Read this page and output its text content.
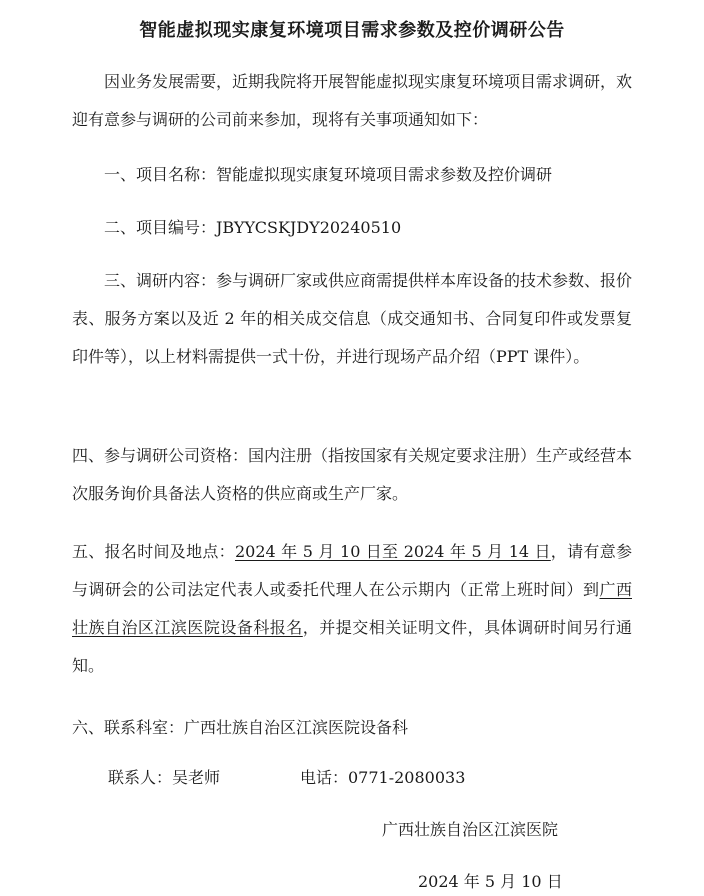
智能虚拟现实康复环境项目需求参数及控价调研公告
因业务发展需要，近期我院将开展智能虚拟现实康复环境项目需求调研，欢迎有意参与调研的公司前来参加，现将有关事项通知如下：
一、项目名称：智能虚拟现实康复环境项目需求参数及控价调研
二、项目编号：JBYYCSKJDY20240510
三、调研内容：参与调研厂家或供应商需提供样本库设备的技术参数、报价表、服务方案以及近 2 年的相关成交信息（成交通知书、合同复印件或发票复印件等），以上材料需提供一式十份，并进行现场产品介绍（PPT 课件）。
四、参与调研公司资格：国内注册（指按国家有关规定要求注册）生产或经营本次服务询价具备法人资格的供应商或生产厂家。
五、报名时间及地点：2024 年 5 月 10 日至 2024 年 5 月 14 日，请有意参与调研会的公司法定代表人或委托代理人在公示期内（正常上班时间）到广西壮族自治区江滨医院设备科报名，并提交相关证明文件，具体调研时间另行通知。
六、联系科室：广西壮族自治区江滨医院设备科
联系人：吴老师	电话：0771-2080033
广西壮族自治区江滨医院
2024 年 5 月 10 日
